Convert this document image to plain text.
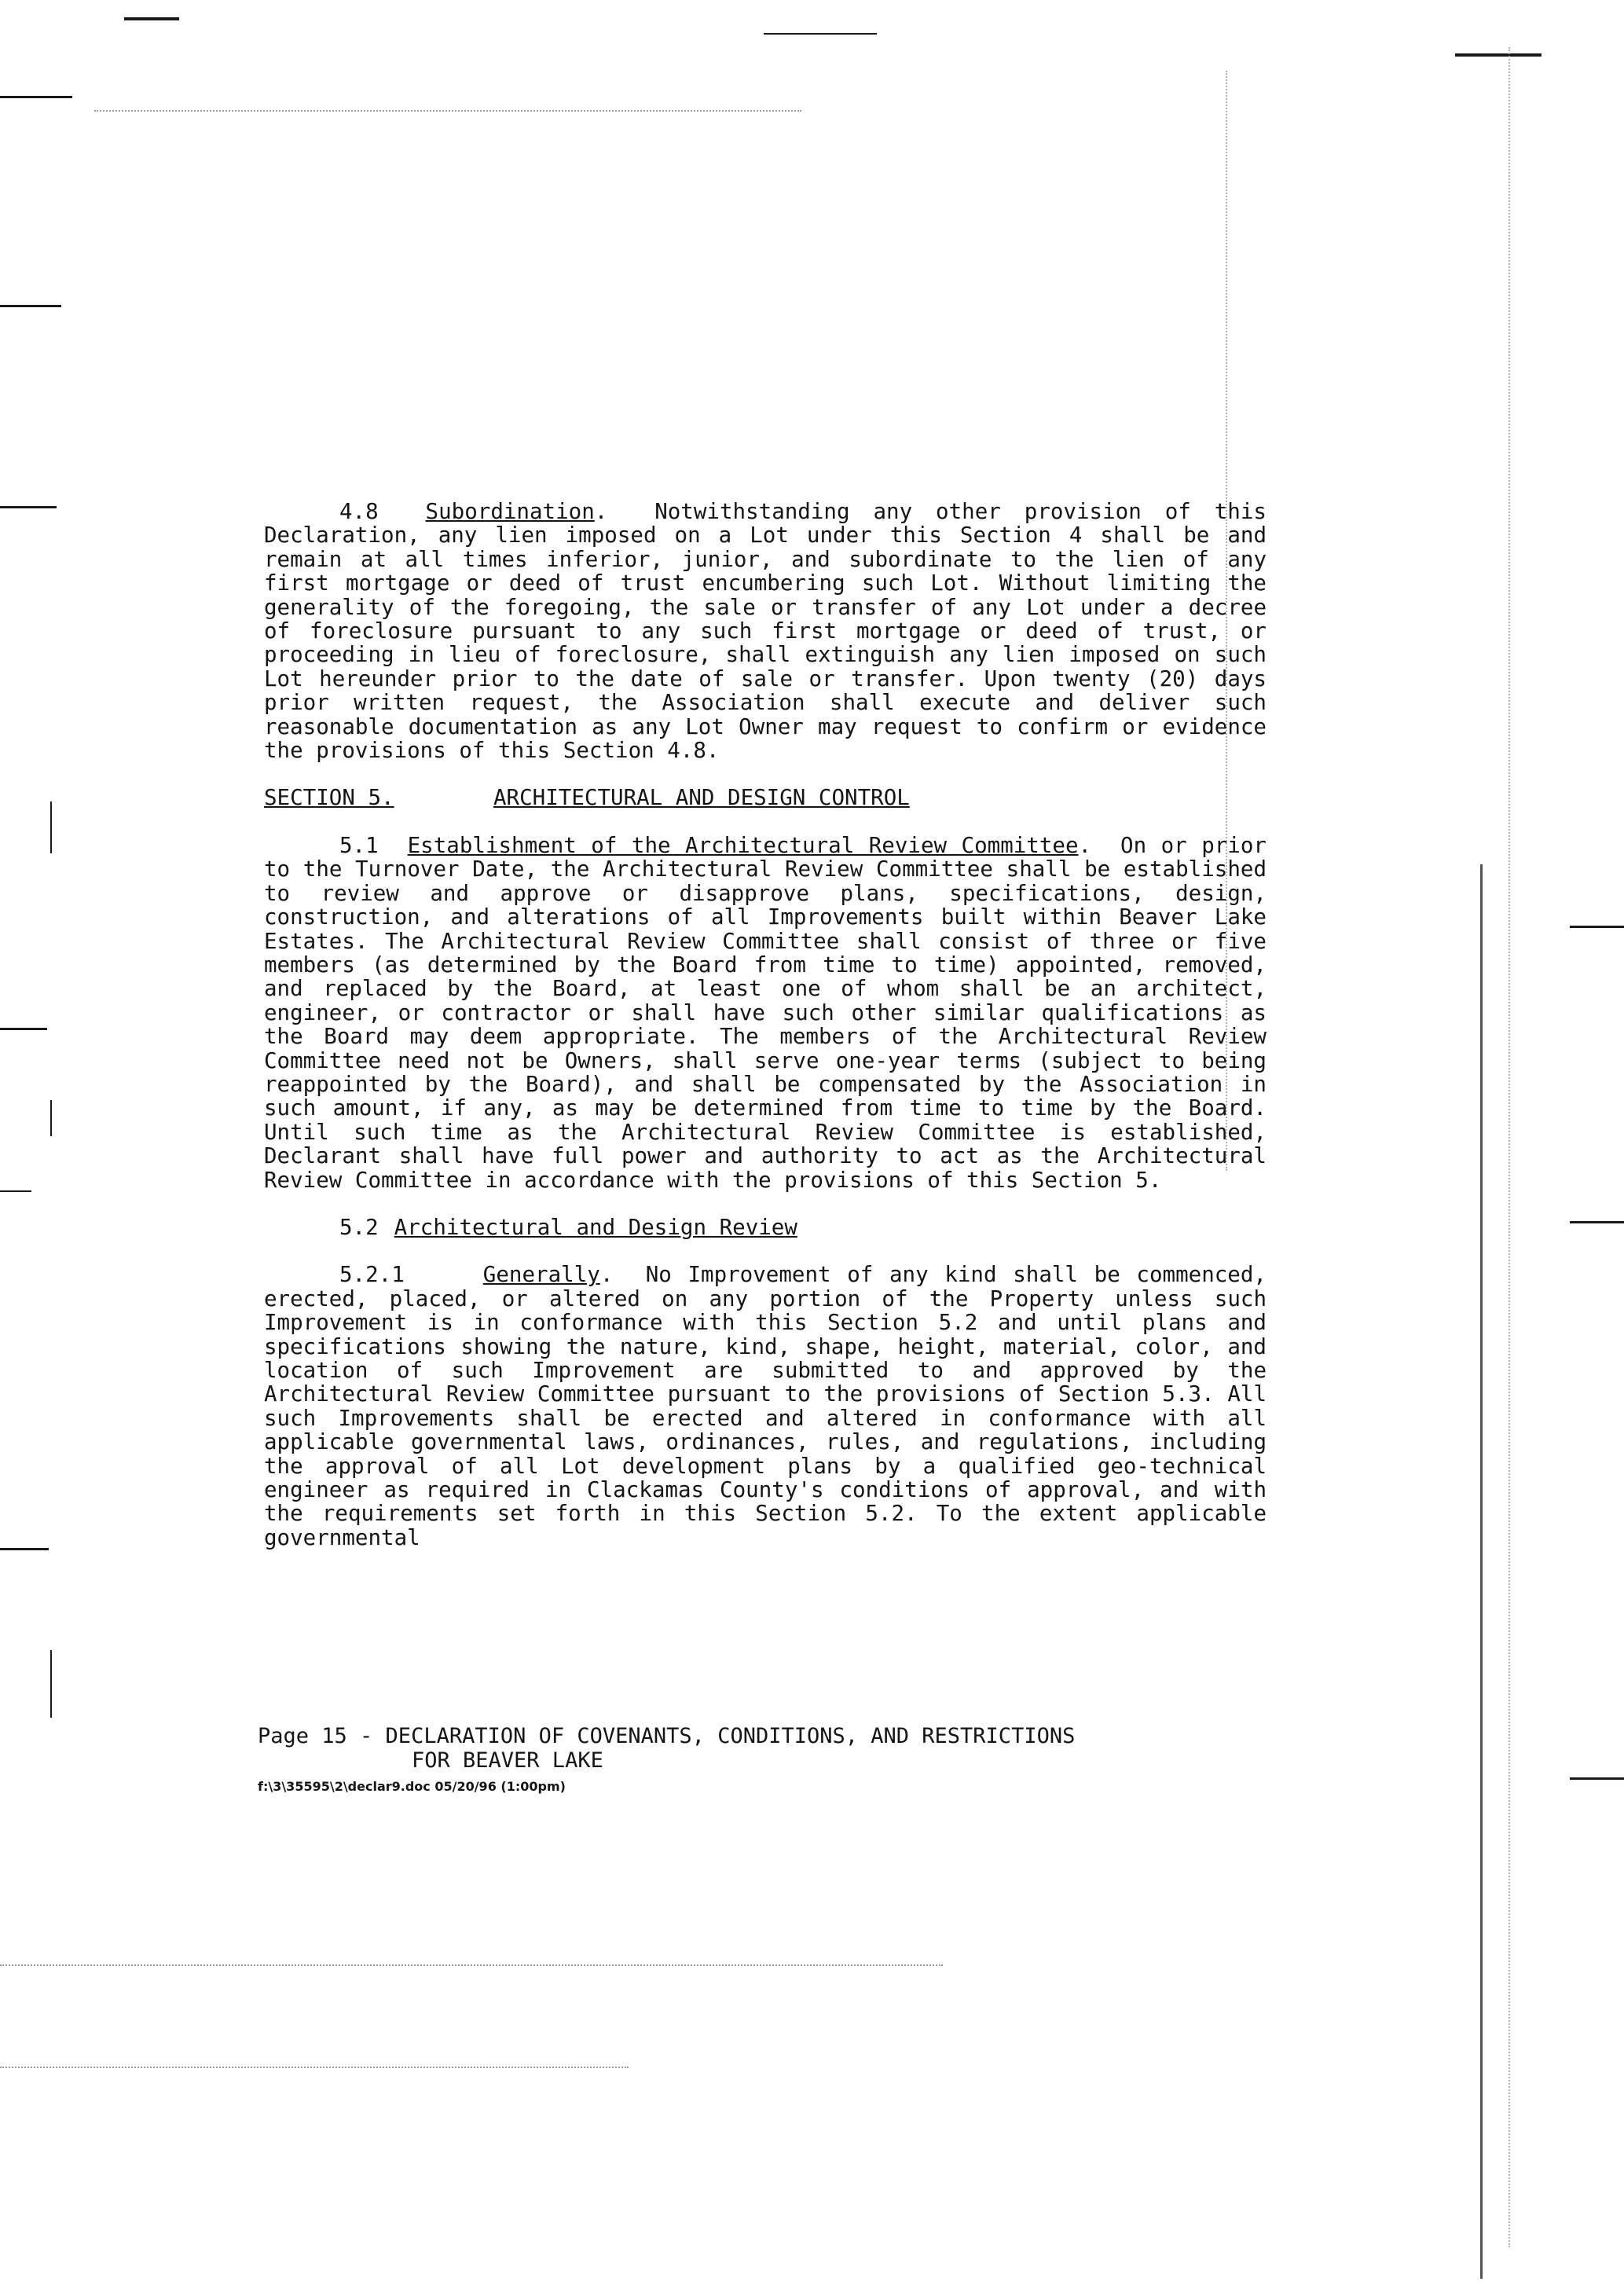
4.8 Subordination. Notwithstanding any other provision of this Declaration, any lien imposed on a Lot under this Section 4 shall be and remain at all times inferior, junior, and subordinate to the lien of any first mortgage or deed of trust encumbering such Lot. Without limiting the generality of the foregoing, the sale or transfer of any Lot under a decree of foreclosure pursuant to any such first mortgage or deed of trust, or proceeding in lieu of foreclosure, shall extinguish any lien imposed on such Lot hereunder prior to the date of sale or transfer. Upon twenty (20) days prior written request, the Association shall execute and deliver such reasonable documentation as any Lot Owner may request to confirm or evidence the provisions of this Section 4.8.

SECTION 5.	ARCHITECTURAL AND DESIGN CONTROL

5.1 Establishment of the Architectural Review Committee. On or prior to the Turnover Date, the Architectural Review Committee shall be established to review and approve or disapprove plans, specifications, design, construction, and alterations of all Improvements built within Beaver Lake Estates. The Architectural Review Committee shall consist of three or five members (as determined by the Board from time to time) appointed, removed, and replaced by the Board, at least one of whom shall be an architect, engineer, or contractor or shall have such other similar qualifications as the Board may deem appropriate. The members of the Architectural Review Committee need not be Owners, shall serve one-year terms (subject to being reappointed by the Board), and shall be compensated by the Association in such amount, if any, as may be determined from time to time by the Board. Until such time as the Architectural Review Committee is established, Declarant shall have full power and authority to act as the Architectural Review Committee in accordance with the provisions of this Section 5.

5.2 Architectural and Design Review

5.2.1	Generally. No Improvement of any kind shall be commenced, erected, placed, or altered on any portion of the Property unless such Improvement is in conformance with this Section 5.2 and until plans and specifications showing the nature, kind, shape, height, material, color, and location of such Improvement are submitted to and approved by the Architectural Review Committee pursuant to the provisions of Section 5.3. All such Improvements shall be erected and altered in conformance with all applicable governmental laws, ordinances, rules, and regulations, including the approval of all Lot development plans by a qualified geo-technical engineer as required in Clackamas County's conditions of approval, and with the requirements set forth in this Section 5.2. To the extent applicable governmental

Page 15 - DECLARATION OF COVENANTS, CONDITIONS, AND RESTRICTIONS
FOR BEAVER LAKE
f:\3\35595\2\declar9.doc 05/20/96 (1:00pm)
